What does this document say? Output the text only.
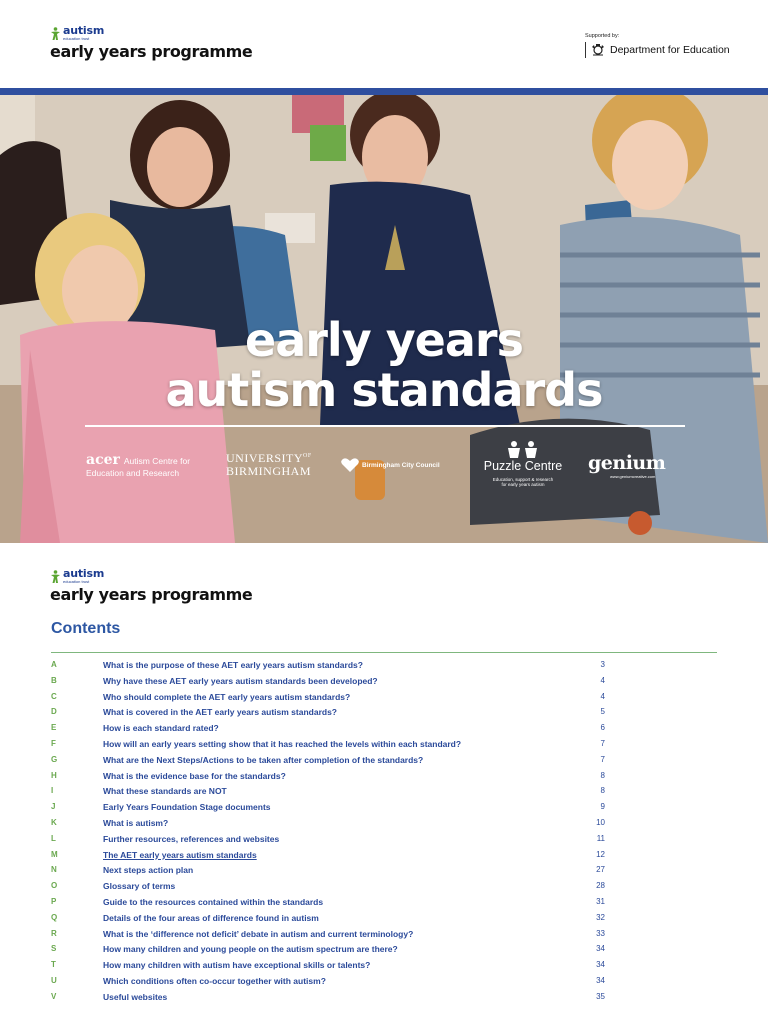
autism
education trust
early years programme
Supported by:
Department for Education
early years
autism standards
acer Autism Centre for
Education and Research
$UNIVERSITY^{OF}$
BIRMINGHAM	Birmingham City Council	Puzzle Centre
Education, support & research
for early years autism
genium
www.geniumcreative.com
autism
education trust
early years programme
Contents
A	What is the purpose of these AET early years autism standards?	3
B	Why have these AET early years autism standards been developed?	4
C	Who should complete the AET early years autism standards?	4
D	What is covered in the AET early years autism standards?	5
E	How is each standard rated?	6
F	How will an early years setting show that it has reached the levels within each standard?	7
G	What are the Next Steps/Actions to be taken after completion of the standards?	7
H	What is the evidence base for the standards?	8
I	What these standards are NOT	8
J	Early Years Foundation Stage documents	9
K	What is autism?	10
L	Further resources, references and websites	11
M	The AET early years autism standards	12
N	Next steps action plan	27
O	Glossary of terms	28
P	Guide to the resources contained within the standards	31
Q	Details of the four areas of difference found in autism	32
R	What is the ‘difference not deficit’ debate in autism and current terminology?	33
S	How many children and young people on the autism spectrum are there?	34
T	How many children with autism have exceptional skills or talents?	34
U	Which conditions often co-occur together with autism?	34
V	Useful websites	35
